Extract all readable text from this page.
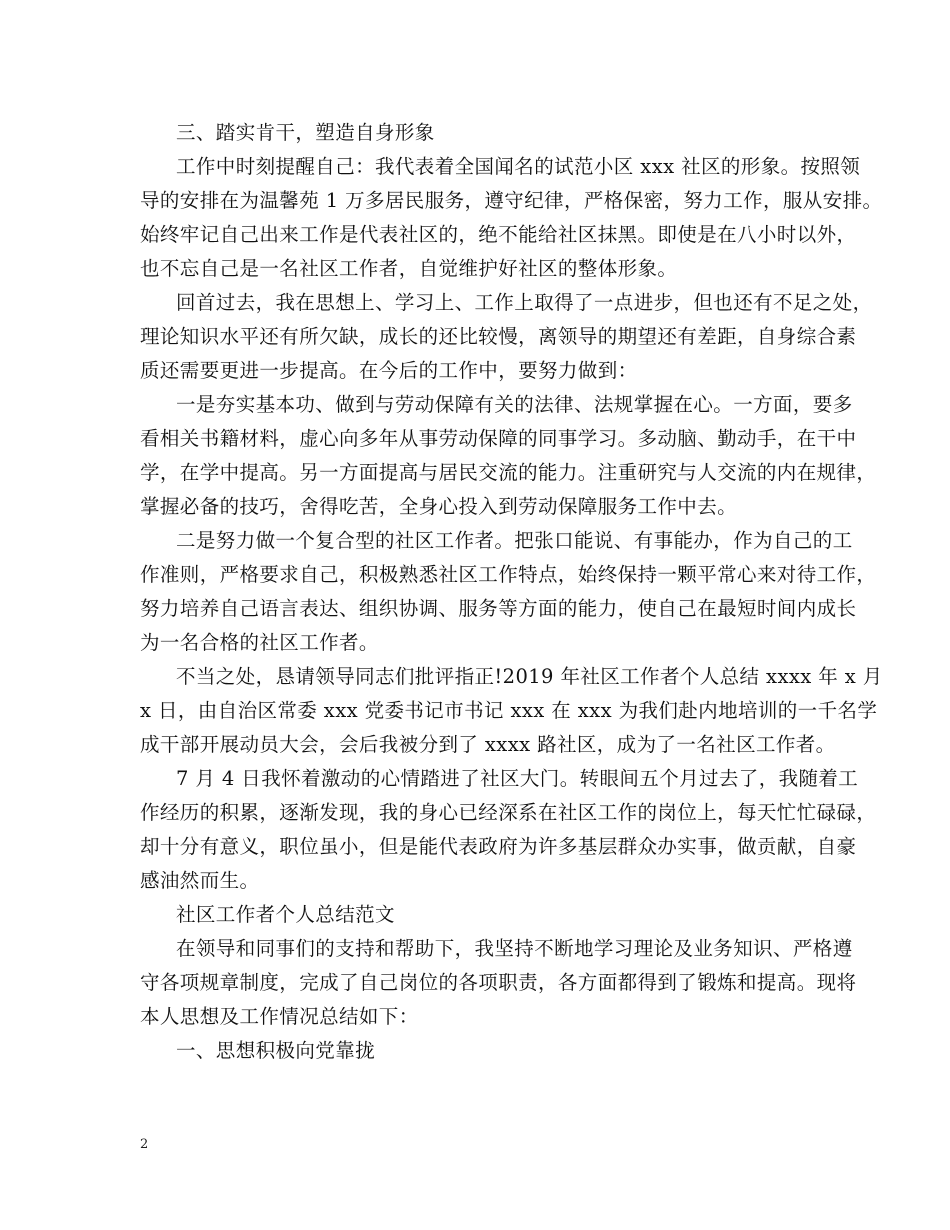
三、踏实肯干，塑造自身形象
工作中时刻提醒自己：我代表着全国闻名的试范小区 xxx 社区的形象。按照领
导的安排在为温馨苑 1 万多居民服务，遵守纪律，严格保密，努力工作，服从安排。
始终牢记自己出来工作是代表社区的，绝不能给社区抹黑。即使是在八小时以外，
也不忘自己是一名社区工作者，自觉维护好社区的整体形象。
回首过去，我在思想上、学习上、工作上取得了一点进步，但也还有不足之处，
理论知识水平还有所欠缺，成长的还比较慢，离领导的期望还有差距，自身综合素
质还需要更进一步提高。在今后的工作中，要努力做到：
一是夯实基本功、做到与劳动保障有关的法律、法规掌握在心。一方面，要多
看相关书籍材料，虚心向多年从事劳动保障的同事学习。多动脑、勤动手，在干中
学，在学中提高。另一方面提高与居民交流的能力。注重研究与人交流的内在规律，
掌握必备的技巧，舍得吃苦，全身心投入到劳动保障服务工作中去。
二是努力做一个复合型的社区工作者。把张口能说、有事能办，作为自己的工
作准则，严格要求自己，积极熟悉社区工作特点，始终保持一颗平常心来对待工作，
努力培养自己语言表达、组织协调、服务等方面的能力，使自己在最短时间内成长
为一名合格的社区工作者。
不当之处，恳请领导同志们批评指正!2019 年社区工作者个人总结 xxxx 年 x 月
x 日，由自治区常委 xxx 党委书记市书记 xxx 在 xxx 为我们赴内地培训的一千名学
成干部开展动员大会，会后我被分到了 xxxx 路社区，成为了一名社区工作者。
7 月 4 日我怀着激动的心情踏进了社区大门。转眼间五个月过去了，我随着工
作经历的积累，逐渐发现，我的身心已经深系在社区工作的岗位上，每天忙忙碌碌，
却十分有意义，职位虽小，但是能代表政府为许多基层群众办实事，做贡献，自豪
感油然而生。
社区工作者个人总结范文
在领导和同事们的支持和帮助下，我坚持不断地学习理论及业务知识、严格遵
守各项规章制度，完成了自己岗位的各项职责，各方面都得到了锻炼和提高。现将
本人思想及工作情况总结如下：
一、思想积极向党靠拢
2
